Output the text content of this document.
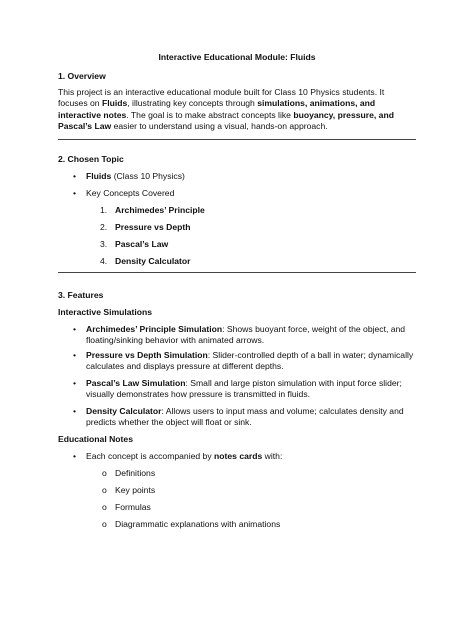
Interactive Educational Module: Fluids
1. Overview

This project is an interactive educational module built for Class 10 Physics students. It focuses on Fluids, illustrating key concepts through simulations, animations, and interactive notes. The goal is to make abstract concepts like buoyancy, pressure, and Pascal’s Law easier to understand using a visual, hands-on approach.

2. Chosen Topic
• Fluids (Class 10 Physics)
• Key Concepts Covered
1. Archimedes’ Principle
2. Pressure vs Depth
3. Pascal’s Law
4. Density Calculator
3. Features
Interactive Simulations
• Archimedes’ Principle Simulation: Shows buoyant force, weight of the object, and floating/sinking behavior with animated arrows.
• Pressure vs Depth Simulation: Slider-controlled depth of a ball in water; dynamically calculates and displays pressure at different depths.
• Pascal’s Law Simulation: Small and large piston simulation with input force slider; visually demonstrates how pressure is transmitted in fluids.
• Density Calculator: Allows users to input mass and volume; calculates density and predicts whether the object will float or sink.
Educational Notes
• Each concept is accompanied by notes cards with:
o Definitions
o Key points
o Formulas
o Diagrammatic explanations with animations
